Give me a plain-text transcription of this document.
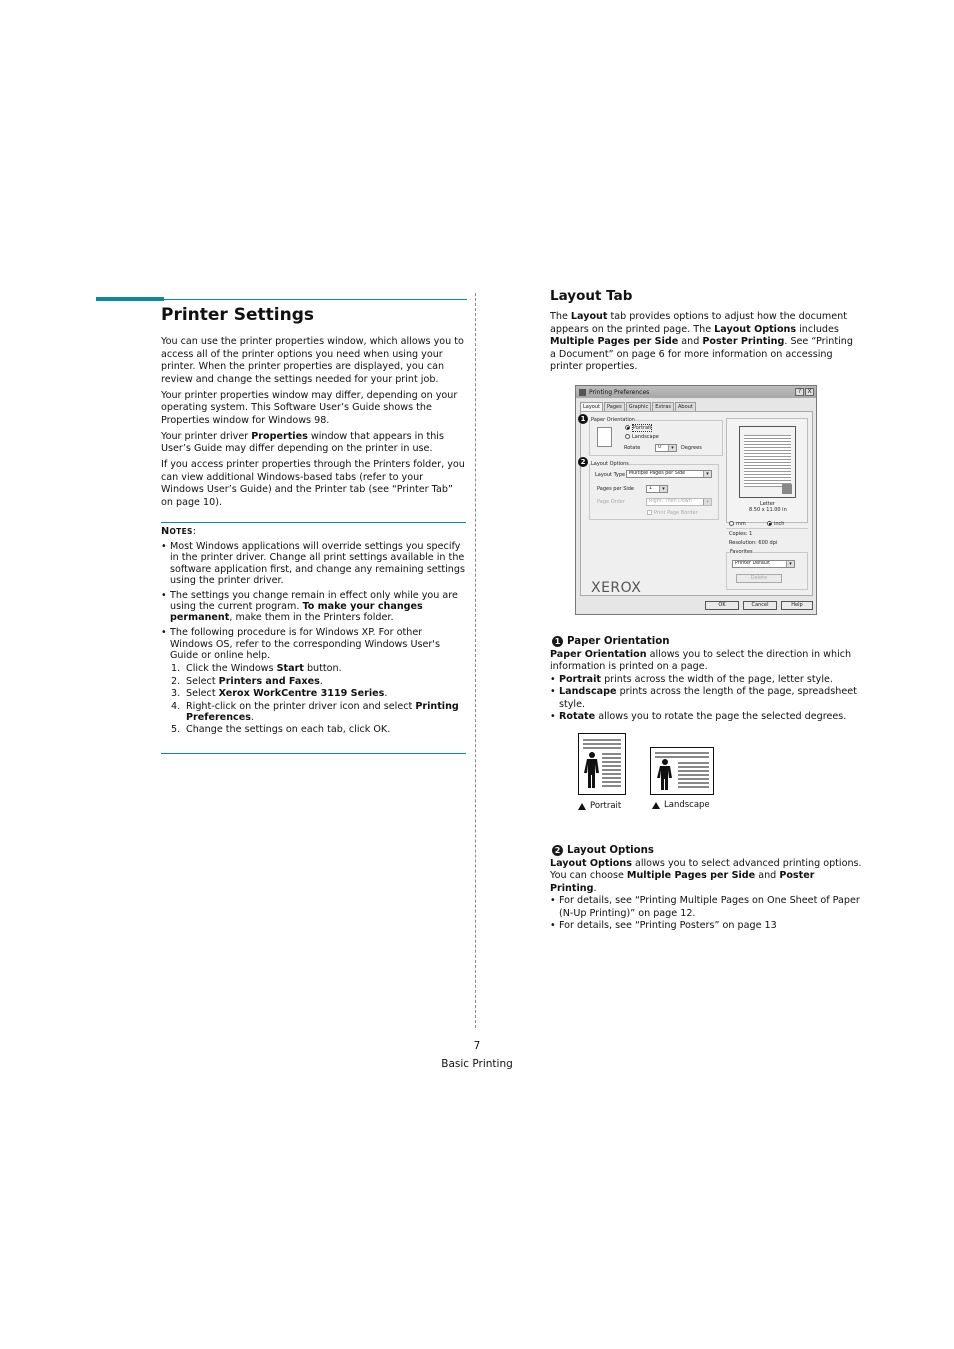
Printer Settings

You can use the printer properties window, which allows you to access all of the printer options you need when using your printer. When the printer properties are displayed, you can review and change the settings needed for your print job.

Your printer properties window may differ, depending on your operating system. This Software User’s Guide shows the Properties window for Windows 98.

Your printer driver Properties window that appears in this User’s Guide may differ depending on the printer in use.

If you access printer properties through the Printers folder, you can view additional Windows-based tabs (refer to your Windows User’s Guide) and the Printer tab (see “Printer Tab” on page 10).

NOTES:
• Most Windows applications will override settings you specify in the printer driver. Change all print settings available in the software application first, and change any remaining settings using the printer driver.
• The settings you change remain in effect only while you are using the current program. To make your changes permanent, make them in the Printers folder.
• The following procedure is for Windows XP. For other Windows OS, refer to the corresponding Windows User's Guide or online help.
1. Click the Windows Start button.
2. Select Printers and Faxes.
3. Select Xerox WorkCentre 3119 Series.
4. Right-click on the printer driver icon and select Printing Preferences.
5. Change the settings on each tab, click OK.
Layout Tab
The Layout tab provides options to adjust how the document appears on the printed page. The Layout Options includes Multiple Pages per Side and Poster Printing. See “Printing a Document” on page 6 for more information on accessing printer properties.
Printing Preferences	?	X
Layout	Pages	Graphic	Extras	About
1
2
Paper Orientation
Portrait
Landscape
Rotate	0 ▾	Degrees
Layout Options
Layout Type Multiple Pages per Side ▾
Pages per Side	1 ▾
Page Order	Right, Then Down ▾
Print Page Border
Letter
8.50 x 11.00 in
mm	inch
Copies: 1
Resolution: 600 dpi
Favorites
Printer Default ▾
Delete
XEROX
OK	Cancel	Help
1 Paper Orientation
Paper Orientation allows you to select the direction in which information is printed on a page.
• Portrait prints across the width of the page, letter style.
• Landscape prints across the length of the page, spreadsheet style.
• Rotate allows you to rotate the page the selected degrees.
Portrait	Landscape
2 Layout Options
Layout Options allows you to select advanced printing options. You can choose Multiple Pages per Side and Poster Printing.
• For details, see “Printing Multiple Pages on One Sheet of Paper (N-Up Printing)” on page 12.
• For details, see “Printing Posters” on page 13
7
Basic Printing
